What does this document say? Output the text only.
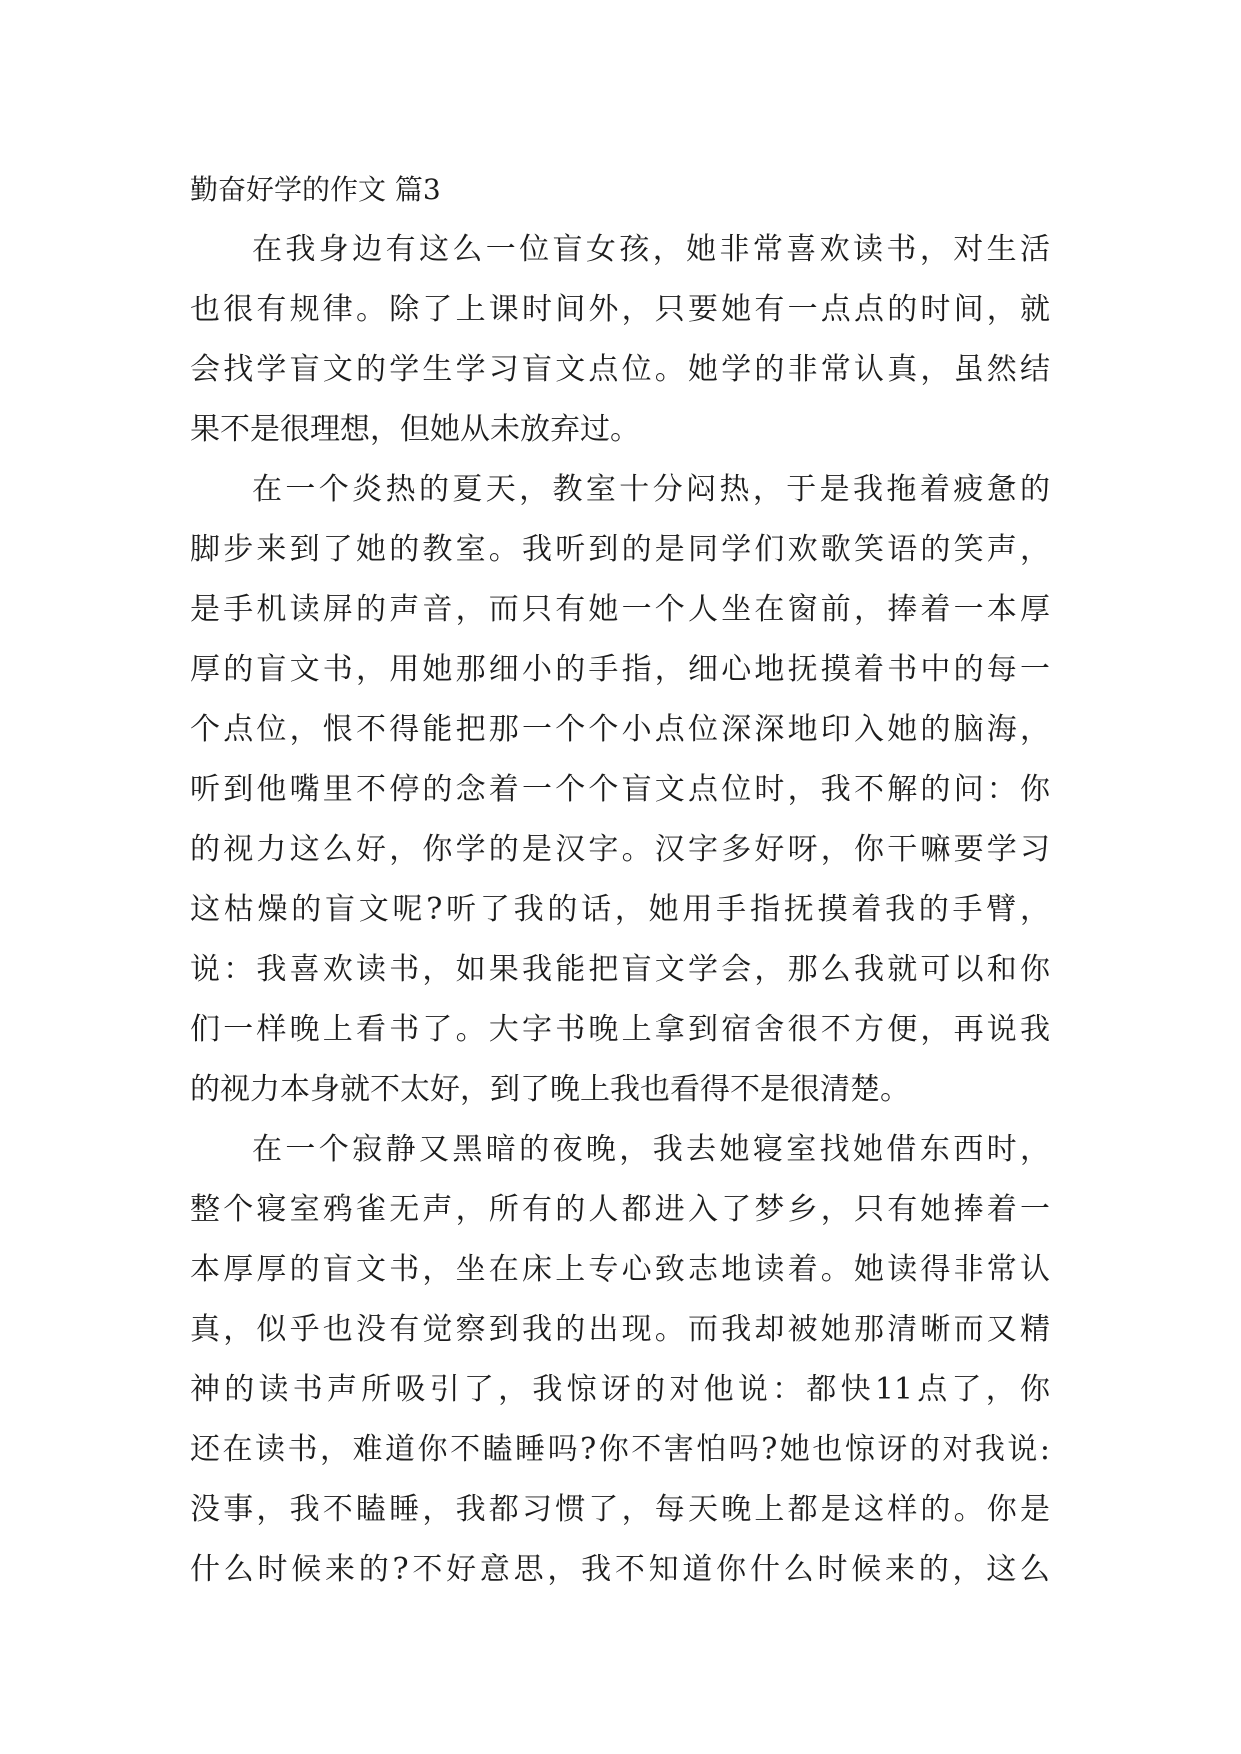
勤奋好学的作文 篇3
在我身边有这么一位盲女孩，她非常喜欢读书，对生活
也很有规律。除了上课时间外，只要她有一点点的时间，就
会找学盲文的学生学习盲文点位。她学的非常认真，虽然结
果不是很理想，但她从未放弃过。
在一个炎热的夏天，教室十分闷热，于是我拖着疲惫的
脚步来到了她的教室。我听到的是同学们欢歌笑语的笑声，
是手机读屏的声音，而只有她一个人坐在窗前，捧着一本厚
厚的盲文书，用她那细小的手指，细心地抚摸着书中的每一
个点位，恨不得能把那一个个小点位深深地印入她的脑海，
听到他嘴里不停的念着一个个盲文点位时，我不解的问：你
的视力这么好，你学的是汉字。汉字多好呀，你干嘛要学习
这枯燥的盲文呢?听了我的话，她用手指抚摸着我的手臂，
说：我喜欢读书，如果我能把盲文学会，那么我就可以和你
们一样晚上看书了。大字书晚上拿到宿舍很不方便，再说我
的视力本身就不太好，到了晚上我也看得不是很清楚。
在一个寂静又黑暗的夜晚，我去她寝室找她借东西时，
整个寝室鸦雀无声，所有的人都进入了梦乡，只有她捧着一
本厚厚的盲文书，坐在床上专心致志地读着。她读得非常认
真，似乎也没有觉察到我的出现。而我却被她那清晰而又精
神的读书声所吸引了，我惊讶的对他说：都快11点了，你
还在读书，难道你不瞌睡吗?你不害怕吗?她也惊讶的对我说:
没事，我不瞌睡，我都习惯了，每天晚上都是这样的。你是
什么时候来的?不好意思，我不知道你什么时候来的，这么
